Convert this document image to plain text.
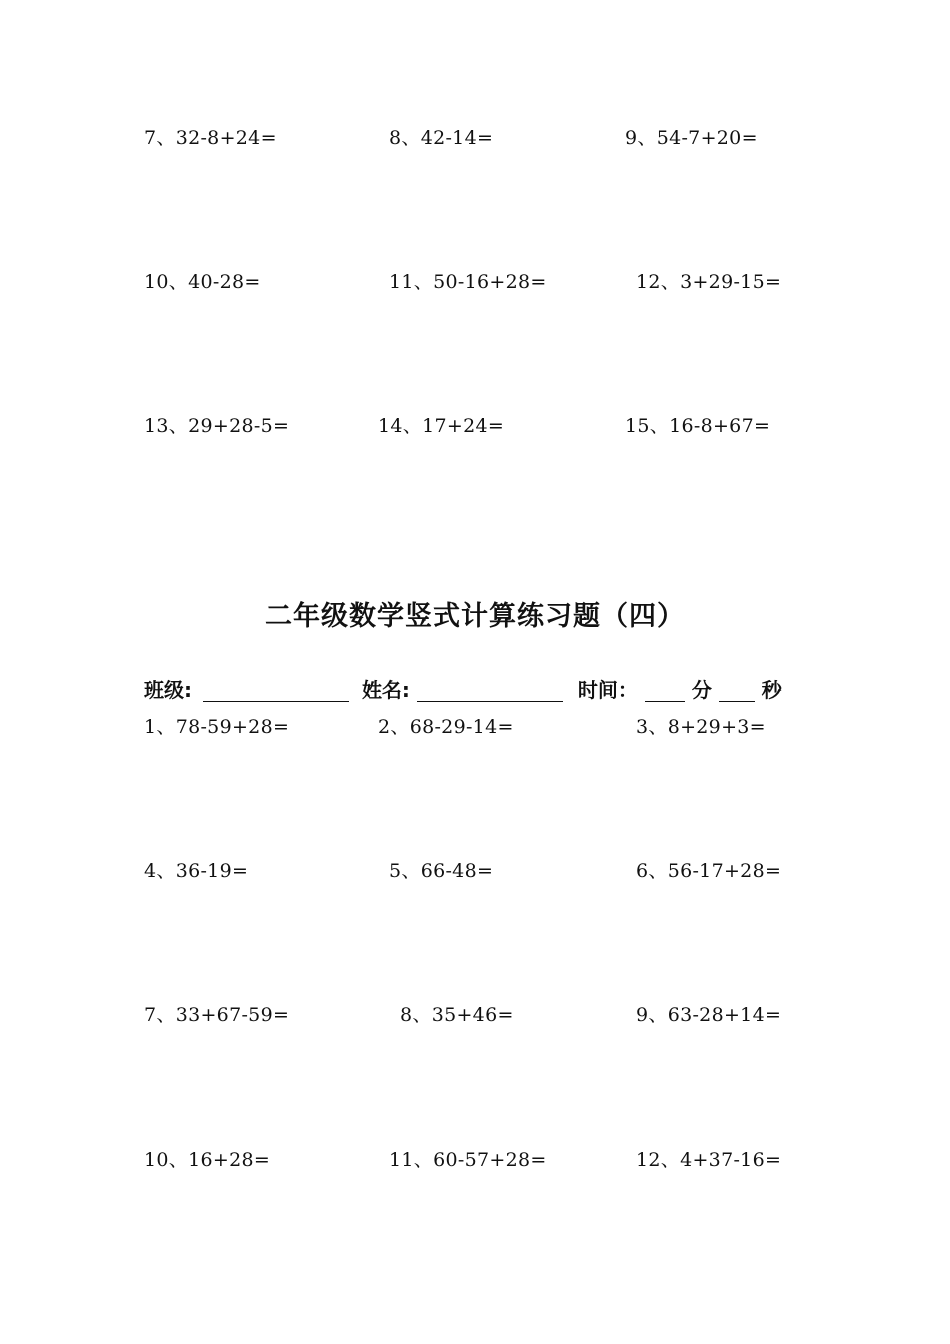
7、32-8+24=	8、42-14=	9、54-7+20=
10、40-28=	11、50-16+28=	12、3+29-15=
13、29+28-5=	14、17+24=	15、16-8+67=
二年级数学竖式计算练习题（四）
班级:	姓名:	时间：	分 秒
1、78-59+28=	2、68-29-14=	3、8+29+3=
4、36-19=	5、66-48=	6、56-17+28=
7、33+67-59=	8、35+46=	9、63-28+14=
10、16+28=	11、60-57+28=	12、4+37-16=
